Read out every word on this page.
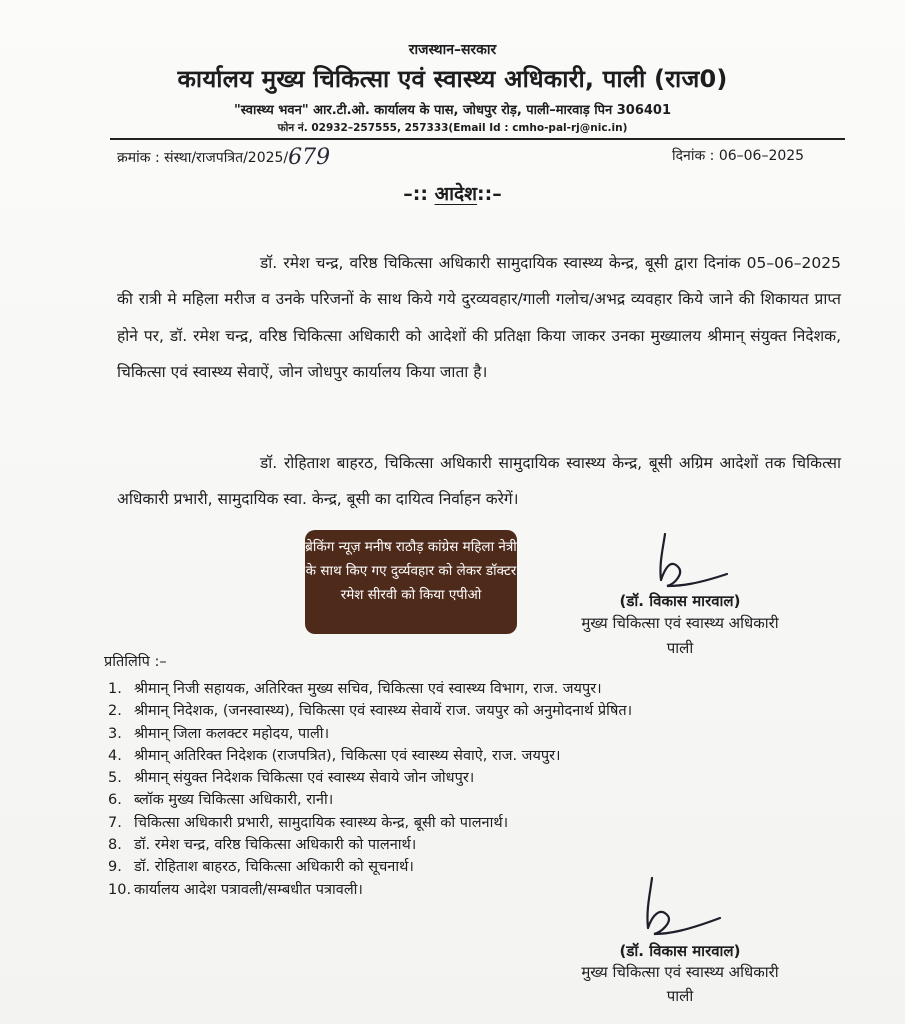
राजस्थान–सरकार
कार्यालय मुख्य चिकित्सा एवं स्वास्थ्य अधिकारी, पाली (राज0)
"स्वास्थ्य भवन" आर.टी.ओ. कार्यालय के पास, जोधपुर रोड़, पाली–मारवाड़ पिन 306401
फोन नं. 02932–257555, 257333(Email Id : cmho-pal-rj@nic.in)
क्रमांक : संस्था/राजपत्रित/2025/679	दिनांक : 06–06–2025
–:: आदेश::–
डॉ. रमेश चन्द्र, वरिष्ठ चिकित्सा अधिकारी सामुदायिक स्वास्थ्य केन्द्र, बूसी द्वारा दिनांक 05–06–2025 की रात्री मे महिला मरीज व उनके परिजनों के साथ किये गये दुरव्यवहार/गाली गलोच/अभद्र व्यवहार किये जाने की शिकायत प्राप्त होने पर, डॉ. रमेश चन्द्र, वरिष्ठ चिकित्सा अधिकारी को आदेशों की प्रतिक्षा किया जाकर उनका मुख्यालय श्रीमान् संयुक्त निदेशक, चिकित्सा एवं स्वास्थ्य सेवाऐं, जोन जोधपुर कार्यालय किया जाता है।
डॉ. रोहिताश बाहरठ, चिकित्सा अधिकारी सामुदायिक स्वास्थ्य केन्द्र, बूसी अग्रिम आदेशों तक चिकित्सा अधिकारी प्रभारी, सामुदायिक स्वा. केन्द्र, बूसी का दायित्व निर्वाहन करेगें।
ब्रेकिंग न्यूज़ मनीष राठौड़ कांग्रेस महिला नेत्री के साथ किए गए दुर्व्यवहार को लेकर डॉक्टर रमेश सीरवी को किया एपीओ	(डॉ. विकास मारवाल)
मुख्य चिकित्सा एवं स्वास्थ्य अधिकारी
पाली
प्रतिलिपि :–
1. श्रीमान् निजी सहायक, अतिरिक्त मुख्य सचिव, चिकित्सा एवं स्वास्थ्य विभाग, राज. जयपुर।
2. श्रीमान् निदेशक, (जनस्वास्थ्य), चिकित्सा एवं स्वास्थ्य सेवायें राज. जयपुर को अनुमोदनार्थ प्रेषित।
3. श्रीमान् जिला कलक्टर महोदय, पाली।
4. श्रीमान् अतिरिक्त निदेशक (राजपत्रित), चिकित्सा एवं स्वास्थ्य सेवाऐ, राज. जयपुर।
5. श्रीमान् संयुक्त निदेशक चिकित्सा एवं स्वास्थ्य सेवाये जोन जोधपुर।
6. ब्लॉक मुख्य चिकित्सा अधिकारी, रानी।
7. चिकित्सा अधिकारी प्रभारी, सामुदायिक स्वास्थ्य केन्द्र, बूसी को पालनार्थ।
8. डॉ. रमेश चन्द्र, वरिष्ठ चिकित्सा अधिकारी को पालनार्थ।
9. डॉ. रोहिताश बाहरठ, चिकित्सा अधिकारी को सूचनार्थ।
10. कार्यालय आदेश पत्रावली/सम्बधीत पत्रावली।
(डॉ. विकास मारवाल)
मुख्य चिकित्सा एवं स्वास्थ्य अधिकारी
पाली
